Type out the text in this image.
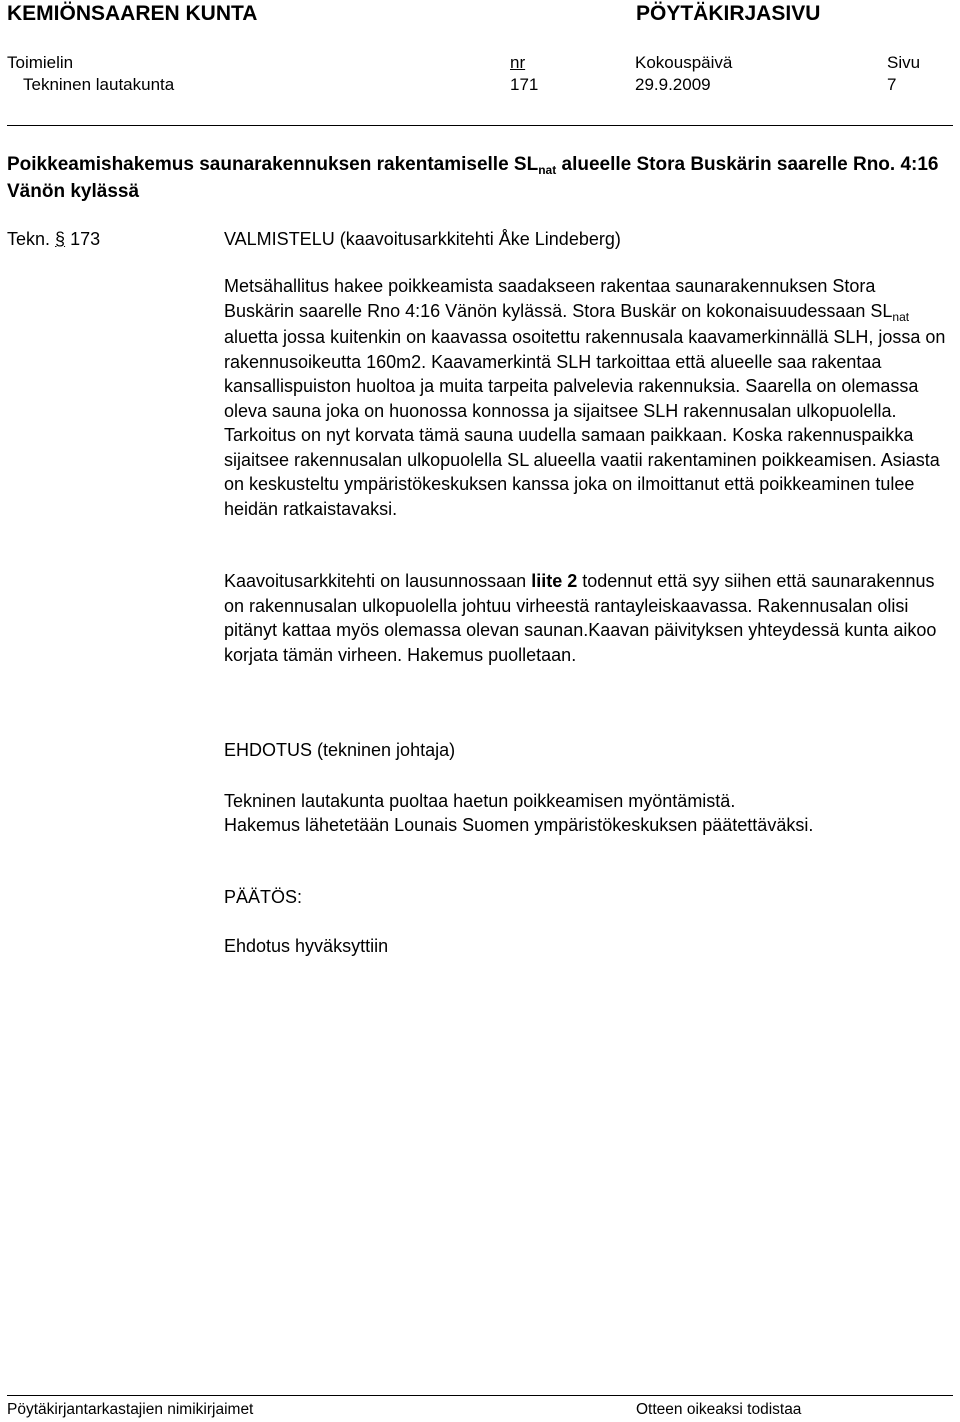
KEMIÖNSAAREN KUNTA	PÖYTÄKIRJASIVU
Toimielin	nr	Kokouspäivä	Sivu
Tekninen lautakunta	171	29.9.2009	7
Poikkeamishakemus saunarakennuksen rakentamiselle $SL_{nat}$ alueelle Stora Buskärin saarelle Rno. 4:16 Vänön kylässä
Tekn. § 173	VALMISTELU (kaavoitusarkkitehti Åke Lindeberg)

Metsähallitus hakee poikkeamista saadakseen rakentaa saunarakennuksen Stora Buskärin saarelle Rno 4:16 Vänön kylässä. Stora Buskär on kokonaisuudessaan $SL_{nat}$ aluetta jossa kuitenkin on kaavassa osoitettu rakennusala kaavamerkinnällä SLH, jossa on rakennusoikeutta 160m2. Kaavamerkintä SLH tarkoittaa että alueelle saa rakentaa kansallispuiston huoltoa ja muita tarpeita palvelevia rakennuksia. Saarella on olemassa oleva sauna joka on huonossa konnossa ja sijaitsee SLH rakennusalan ulkopuolella. Tarkoitus on nyt korvata tämä sauna uudella samaan paikkaan. Koska rakennuspaikka sijaitsee rakennusalan ulkopuolella SL alueella vaatii rakentaminen poikkeamisen. Asiasta on keskusteltu ympäristökeskuksen kanssa joka on ilmoittanut että poikkeaminen tulee heidän ratkaistavaksi.

Kaavoitusarkkitehti on lausunnossaan liite 2 todennut että syy siihen että saunarakennus on rakennusalan ulkopuolella johtuu virheestä rantayleiskaavassa. Rakennusalan olisi pitänyt kattaa myös olemassa olevan saunan.Kaavan päivityksen yhteydessä kunta aikoo korjata tämän virheen. Hakemus puolletaan.

EHDOTUS (tekninen johtaja)
Tekninen lautakunta puoltaa haetun poikkeamisen myöntämistä.
Hakemus lähetetään Lounais Suomen ympäristökeskuksen päätettäväksi.
PÄÄTÖS:
Ehdotus hyväksyttiin
Pöytäkirjantarkastajien nimikirjaimet	Otteen oikeaksi todistaa
